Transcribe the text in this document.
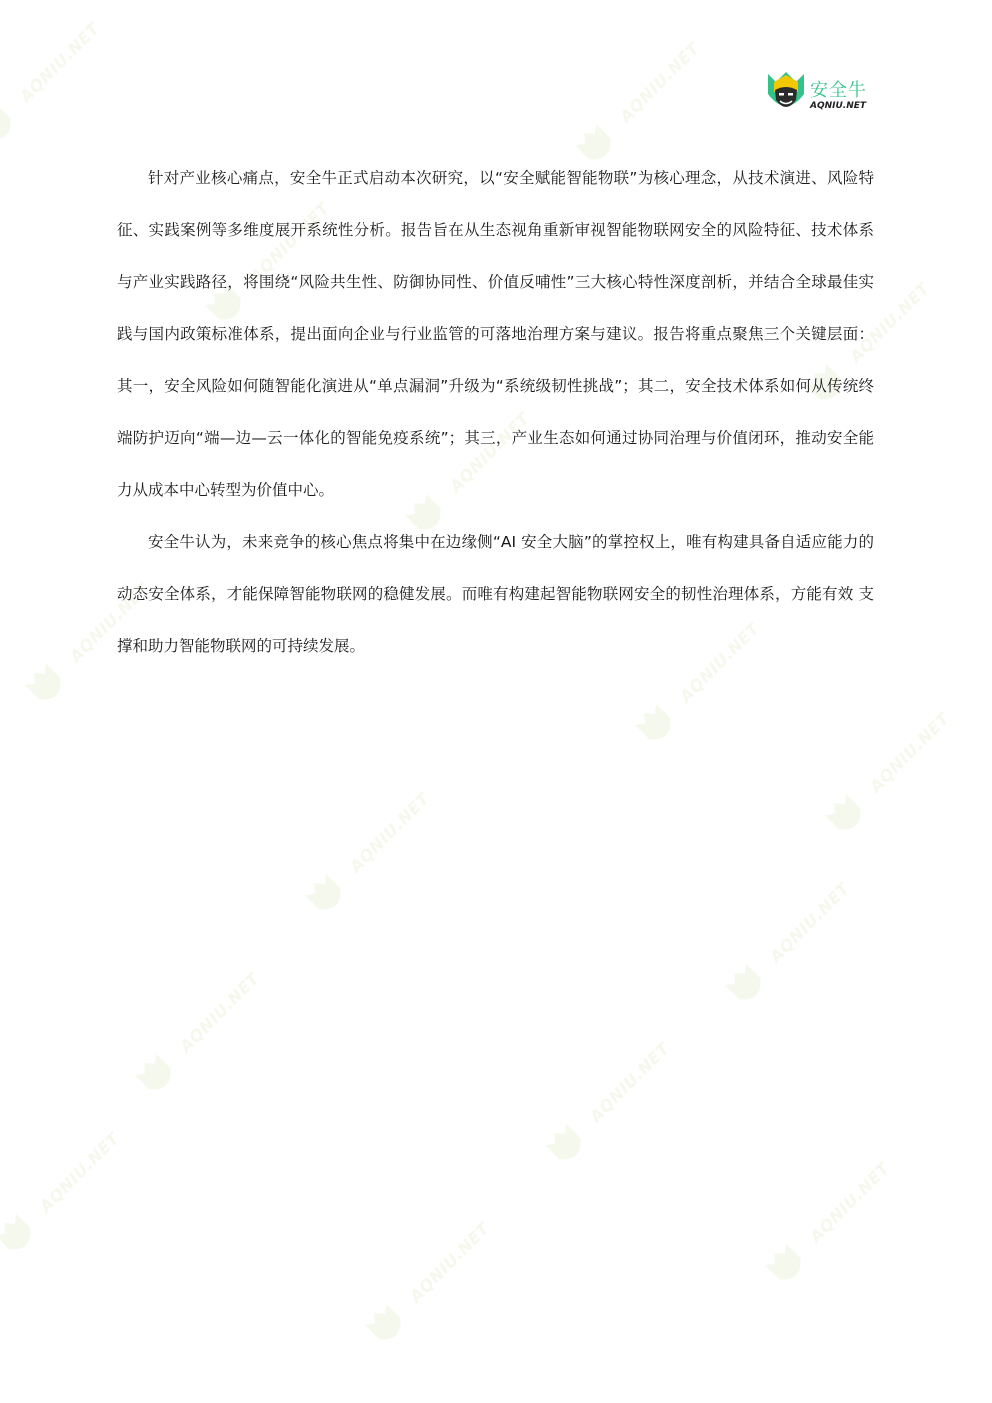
AQNIU.NET	AQNIU.NET
AQNIU.NET
AQNIU.NET
AQNIU.NET
AQNIU.NET	AQNIU.NET
AQNIU.NET
AQNIU.NET
AQNIU.NET
AQNIU.NET
AQNIU.NET
AQNIU.NET
AQNIU.NET
AQNIU.NET
安全牛
AQNIU.NET

针对产业核心痛点，安全牛正式启动本次研究，以“安全赋能智能物联”为核心理念，从技术演进、风险特征、实践案例等多维度展开系统性分析。报告旨在从生态视角重新审视智能物联网安全的风险特征、技术体系与产业实践路径，将围绕“风险共生性、防御协同性、价值反哺性”三大核心特性深度剖析，并结合全球最佳实践与国内政策标准体系，提出面向企业与行业监管的可落地治理方案与建议。报告将重点聚焦三个关键层面：其一，安全风险如何随智能化演进从“单点漏洞”升级为“系统级韧性挑战”；其二，安全技术体系如何从传统终端防护迈向“端—边—云一体化的智能免疫系统”；其三，产业生态如何通过协同治理与价值闭环，推动安全能力从成本中心转型为价值中心。

安全牛认为，未来竞争的核心焦点将集中在边缘侧“AI 安全大脑”的掌控权上，唯有构建具备自适应能力的动态安全体系，才能保障智能物联网的稳健发展。而唯有构建起智能物联网安全的韧性治理体系，方能有效 支撑和助力智能物联网的可持续发展。
